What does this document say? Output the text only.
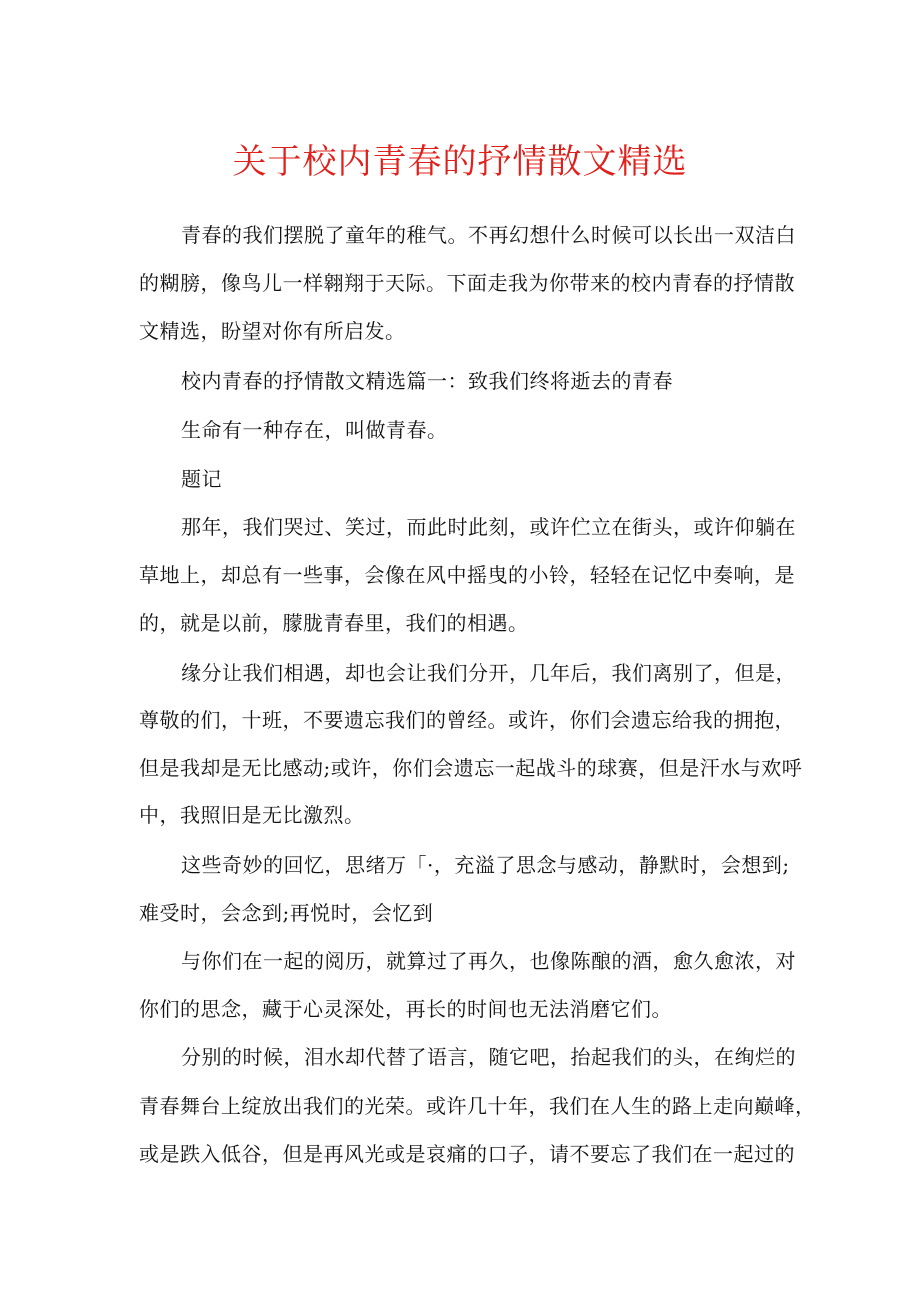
关于校内青春的抒情散文精选
青春的我们摆脱了童年的稚气。不再幻想什么时候可以长出一双洁白
的糊膀，像鸟儿一样翱翔于天际。下面走我为你带来的校内青春的抒情散
文精选，盼望对你有所启发。
校内青春的抒情散文精选篇一：致我们终将逝去的青春
生命有一种存在，叫做青春。
题记
那年，我们哭过、笑过，而此时此刻，或许伫立在街头，或许仰躺在
草地上，却总有一些事，会像在风中摇曳的小铃，轻轻在记忆中奏响，是
的，就是以前，朦胧青春里，我们的相遇。
缘分让我们相遇，却也会让我们分开，几年后，我们离别了，但是，
尊敬的们，十班，不要遗忘我们的曾经。或许，你们会遗忘给我的拥抱，
但是我却是无比感动;或许，你们会遗忘一起战斗的球赛，但是汗水与欢呼
中，我照旧是无比激烈。
这些奇妙的回忆，思绪万「·，充溢了思念与感动，静默时，会想到;
难受时，会念到;再悦时，会忆到
与你们在一起的阅历，就算过了再久，也像陈酿的酒，愈久愈浓，对
你们的思念，藏于心灵深处，再长的时间也无法消磨它们。
分别的时候，泪水却代替了语言，随它吧，抬起我们的头，在绚烂的
青春舞台上绽放出我们的光荣。或许几十年，我们在人生的路上走向巅峰，
或是跌入低谷，但是再风光或是哀痛的口子，请不要忘了我们在一起过的
